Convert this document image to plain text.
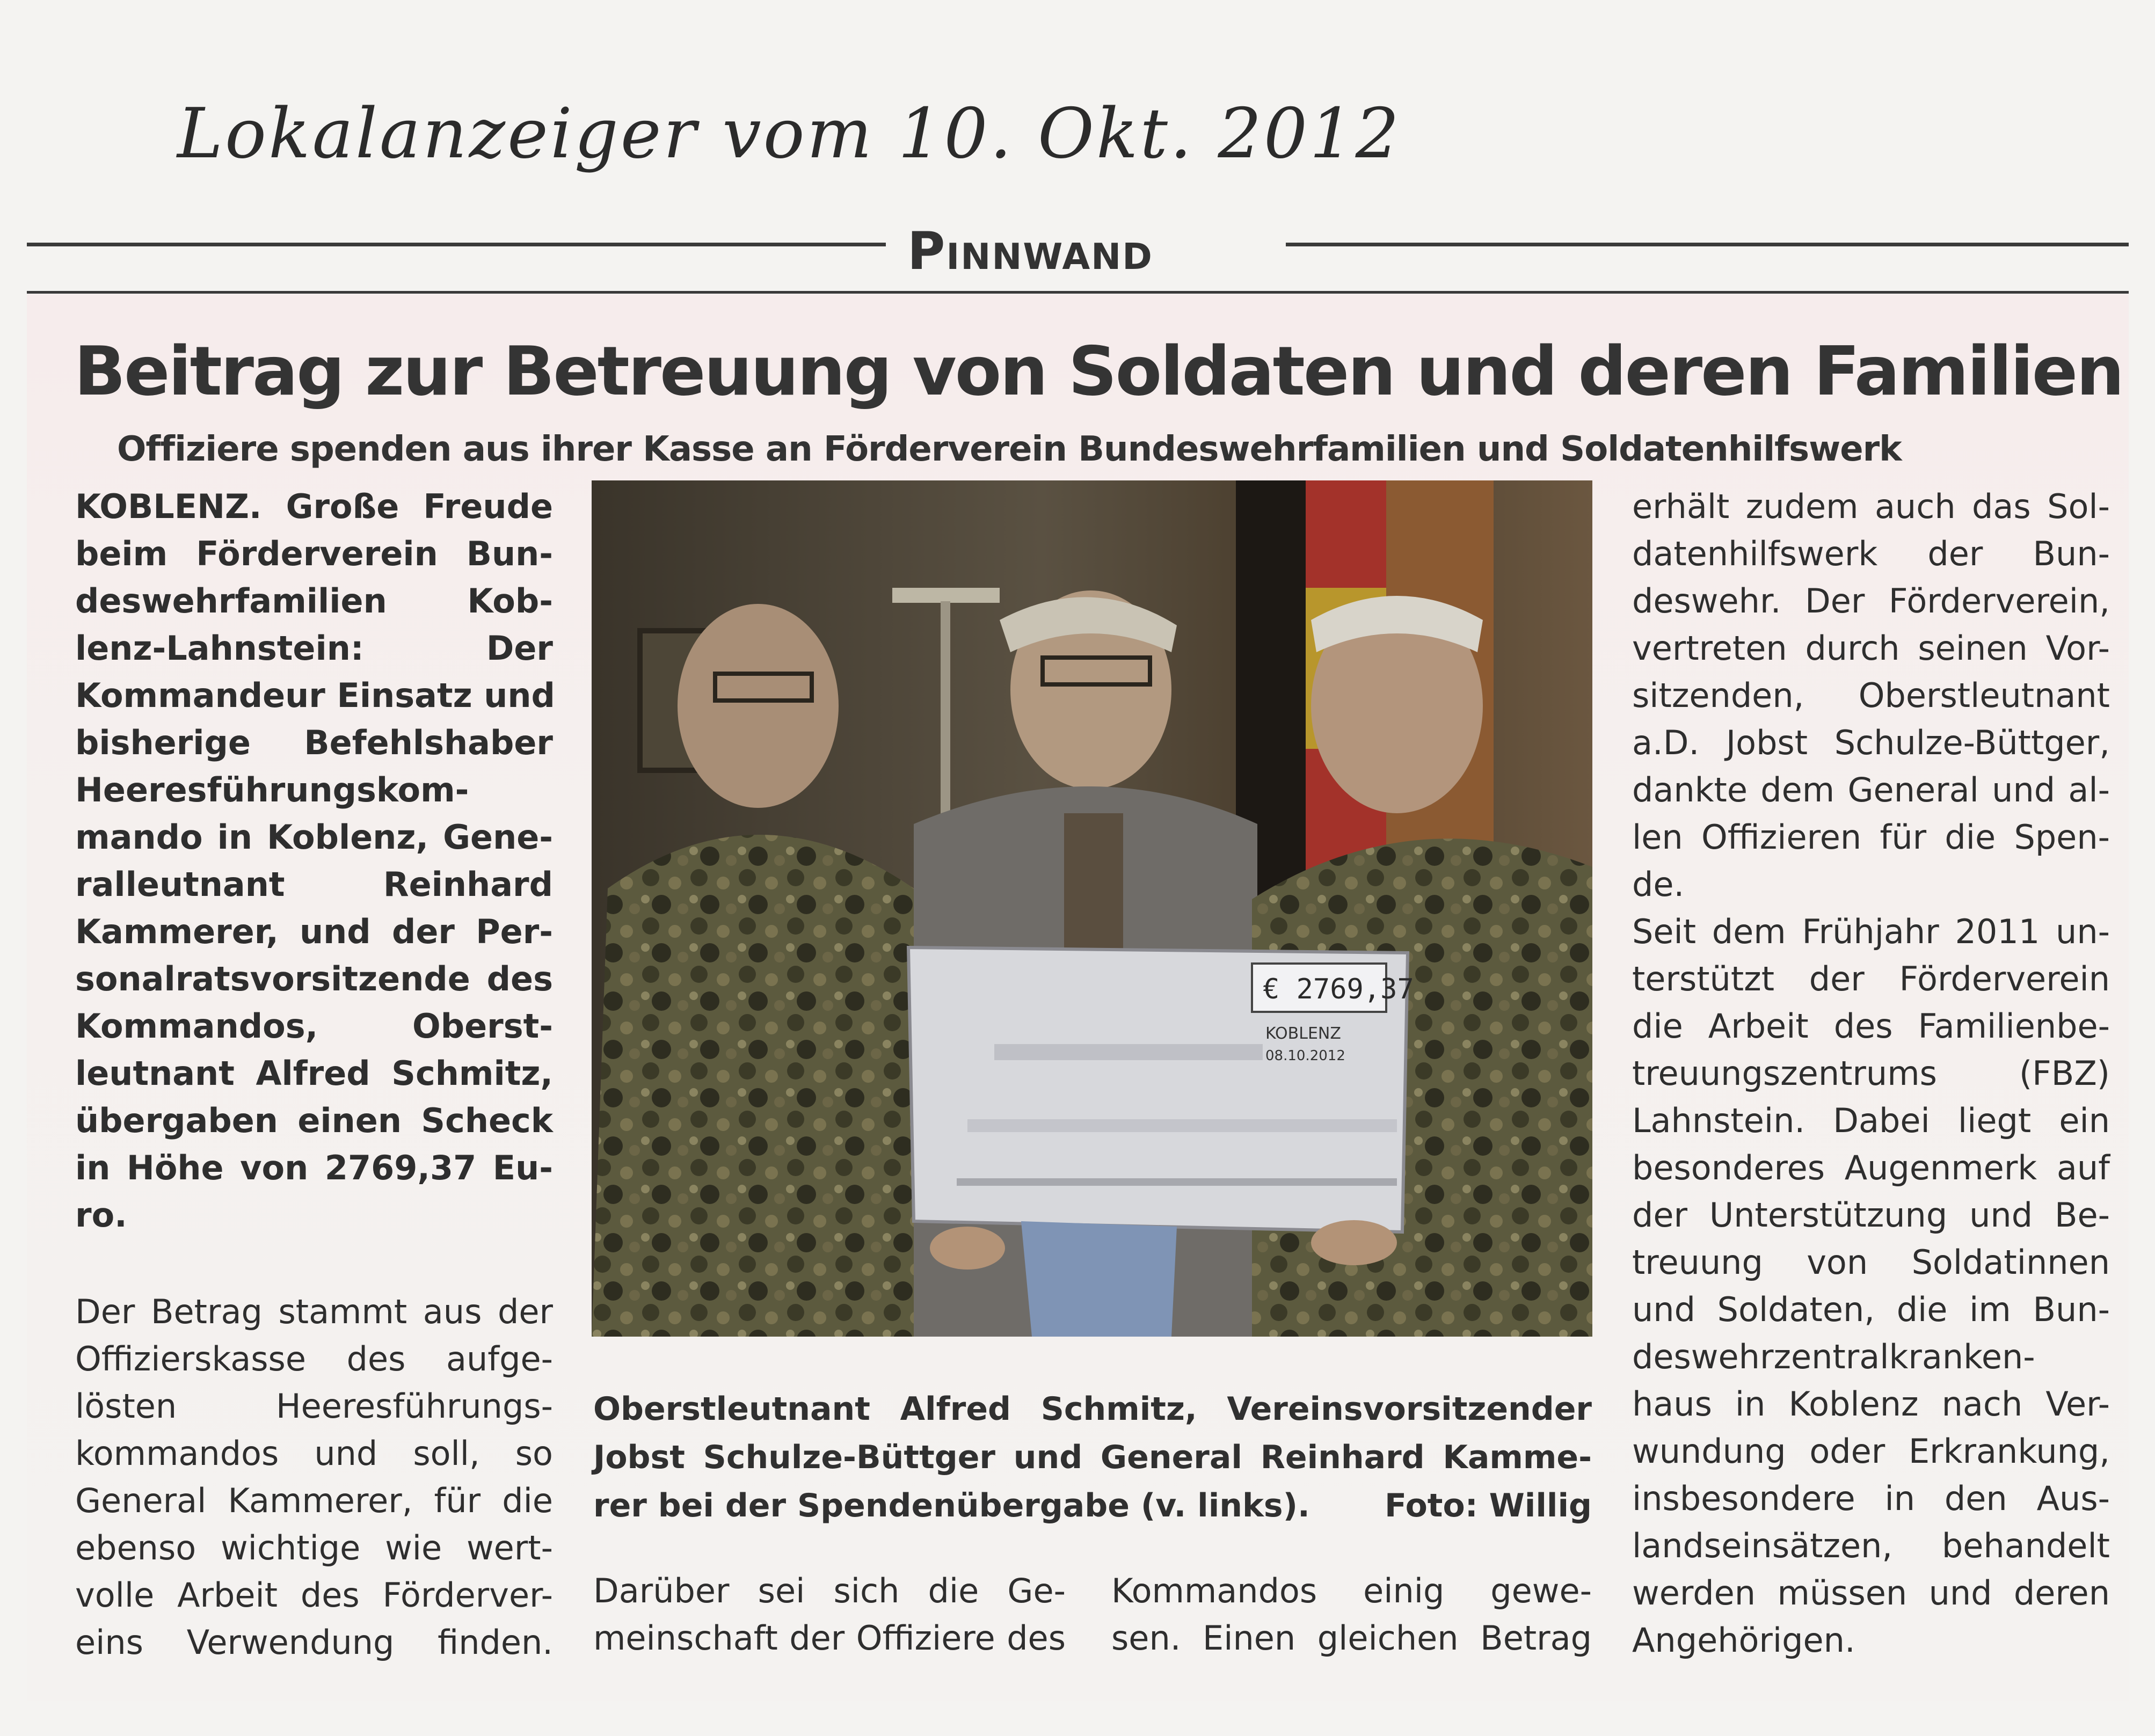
Lokalanzeiger vom 10. Okt. 2012
Pinnwand
Beitrag zur Betreuung von Soldaten und deren Familien
Offiziere spenden aus ihrer Kasse an Förderverein Bundeswehrfamilien und Soldatenhilfswerk
KOBLENZ. Große Freude
beim Förderverein Bun-
deswehrfamilien Kob-
lenz-Lahnstein: Der
Kommandeur Einsatz und
bisherige Befehlshaber
Heeresführungskom-
mando in Koblenz, Gene-
ralleutnant Reinhard
Kammerer, und der Per-
sonalratsvorsitzende des
Kommandos, Oberst-
leutnant Alfred Schmitz,
übergaben einen Scheck
in Höhe von 2769,37 Eu-
ro.
Der Betrag stammt aus der
Offizierskasse des aufge-
lösten Heeresführungs-
kommandos und soll, so
General Kammerer, für die
ebenso wichtige wie wert-
volle Arbeit des Förderver-
eins Verwendung finden.
€ 2769,37
KOBLENZ
08.10.2012
Oberstleutnant Alfred Schmitz, Vereinsvorsitzender
Jobst Schulze-Büttger und General Reinhard Kamme-
rer bei der Spendenübergabe (v. links). Foto: Willig
Darüber sei sich die Ge-
meinschaft der Offiziere des
Kommandos einig gewe-
sen. Einen gleichen Betrag
erhält zudem auch das Sol-
datenhilfswerk der Bun-
deswehr. Der Förderverein,
vertreten durch seinen Vor-
sitzenden, Oberstleutnant
a.D. Jobst Schulze-Büttger,
dankte dem General und al-
len Offizieren für die Spen-
de.
Seit dem Frühjahr 2011 un-
terstützt der Förderverein
die Arbeit des Familienbe-
treuungszentrums (FBZ)
Lahnstein. Dabei liegt ein
besonderes Augenmerk auf
der Unterstützung und Be-
treuung von Soldatinnen
und Soldaten, die im Bun-
deswehrzentralkranken-
haus in Koblenz nach Ver-
wundung oder Erkrankung,
insbesondere in den Aus-
landseinsätzen, behandelt
werden müssen und deren
Angehörigen.
